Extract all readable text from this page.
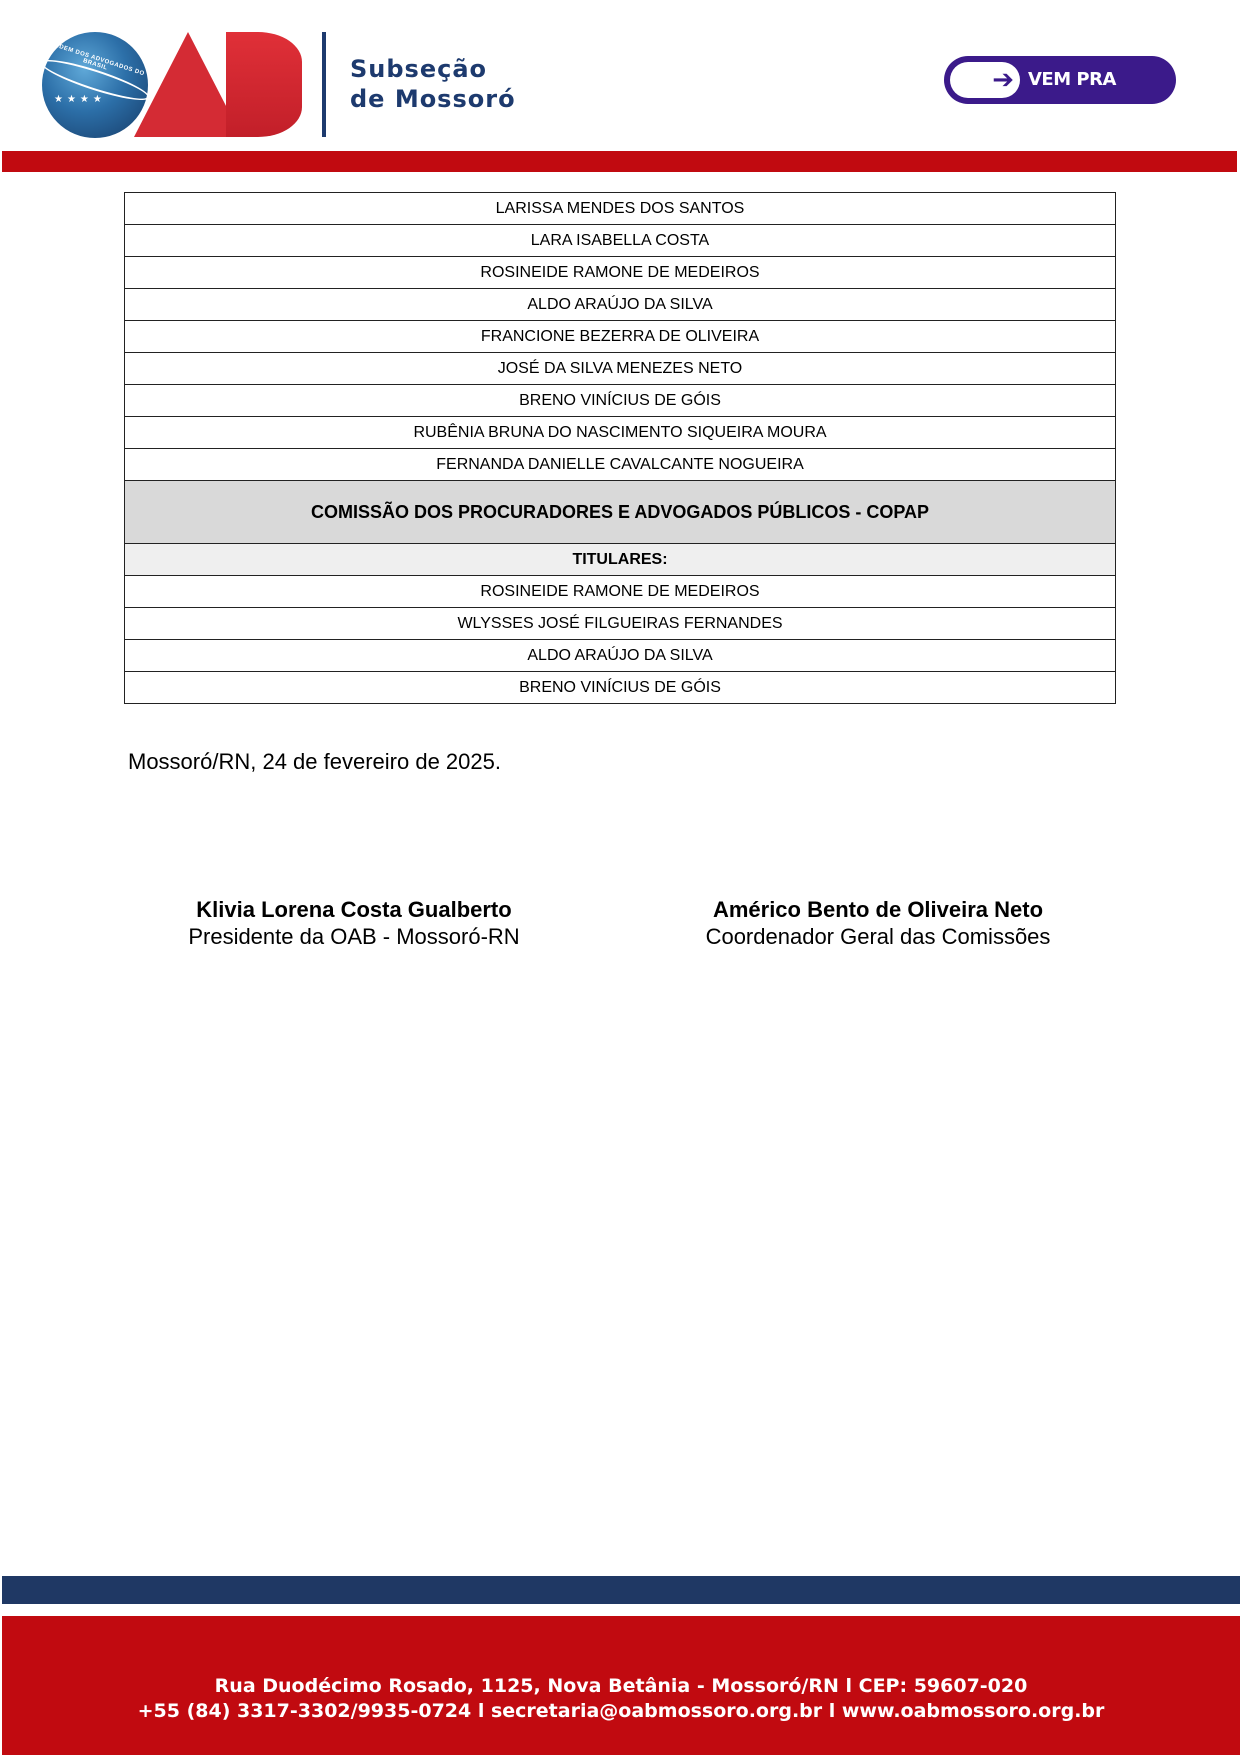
ORDEM DOS ADVOGADOS DO BRASIL
★★★★
Subseção
de Mossoró
➔ VEM PRA ORDEM
LARISSA MENDES DOS SANTOS
LARA ISABELLA COSTA
ROSINEIDE RAMONE DE MEDEIROS
ALDO ARAÚJO DA SILVA
FRANCIONE BEZERRA DE OLIVEIRA
JOSÉ DA SILVA MENEZES NETO
BRENO VINÍCIUS DE GÓIS
RUBÊNIA BRUNA DO NASCIMENTO SIQUEIRA MOURA
FERNANDA DANIELLE CAVALCANTE NOGUEIRA
COMISSÃO DOS PROCURADORES E ADVOGADOS PÚBLICOS - COPAP
TITULARES:
ROSINEIDE RAMONE DE MEDEIROS
WLYSSES JOSÉ FILGUEIRAS FERNANDES
ALDO ARAÚJO DA SILVA
BRENO VINÍCIUS DE GÓIS
Mossoró/RN, 24 de fevereiro de 2025.
Klivia Lorena Costa Gualberto
Presidente da OAB - Mossoró-RN
Américo Bento de Oliveira Neto
Coordenador Geral das Comissões
Rua Duodécimo Rosado, 1125, Nova Betânia - Mossoró/RN l CEP: 59607-020
+55 (84) 3317-3302/9935-0724 l secretaria@oabmossoro.org.br l www.oabmossoro.org.br
